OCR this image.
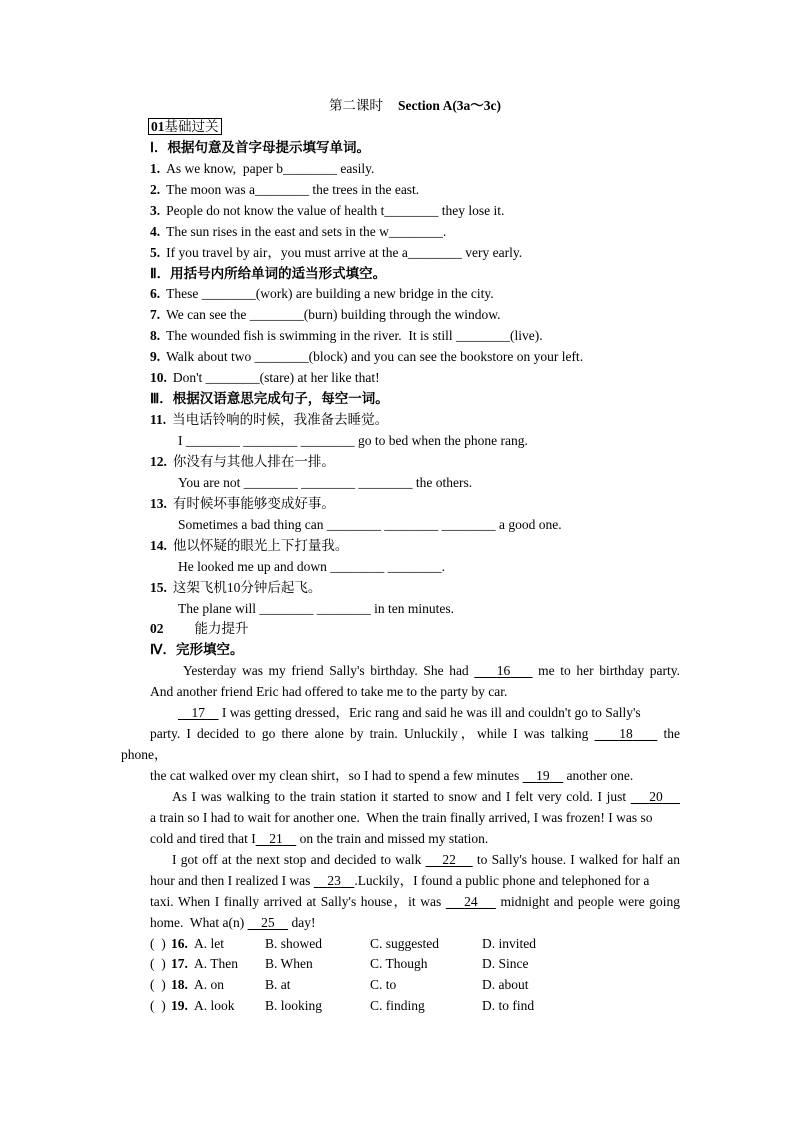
第二课时 Section A(3a～3c)
01基础过关
Ⅰ．根据句意及首字母提示填写单词。
1. As we know,  paper b________ easily.
2. The moon was a________ the trees in the east.
3. People do not know the value of health t________ they lose it.
4. The sun rises in the east and sets in the w________.
5. If you travel by air，you must arrive at the a________ very early.
Ⅱ．用括号内所给单词的适当形式填空。
6. These ________(work) are building a new bridge in the city.
7. We can see the ________(burn) building through the window.
8. The wounded fish is swimming in the river.  It is still ________(live).
9. Walk about two ________(block) and you can see the bookstore on your left.
10. Don't ________(stare) at her like that!
Ⅲ．根据汉语意思完成句子，每空一词。
11. 当电话铃响的时候，我准备去睡觉。
I ________ ________ ________ go to bed when the phone rang.
12. 你没有与其他人排在一排。
You are not ________ ________ ________ the others.
13. 有时候坏事能够变成好事。
Sometimes a bad thing can ________ ________ ________ a good one.
14. 他以怀疑的眼光上下打量我。
He looked me up and down ________ ________.
15. 这架飞机10分钟后起飞。
The plane will ________ ________ in ten minutes.
02 能力提升
Ⅳ．完形填空。
Yesterday was my friend Sally's birthday. She had 16 me to her birthday party.
And another friend Eric had offered to take me to the party by car.
17 I was getting dressed，Eric rang and said he was ill and couldn't go to Sally's
party. I decided to go there alone by train. Unluckily，while I was talking 18 the
phone，
the cat walked over my clean shirt，so I had to spend a few minutes 19 another one.
As I was walking to the train station it started to snow and I felt very cold. I just 20
a train so I had to wait for another one.  When the train finally arrived, I was frozen! I was so
cold and tired that I 21 on the train and missed my station.
I got off at the next stop and decided to walk 22 to Sally's house. I walked for half an
hour and then I realized I was 23 .Luckily，I found a public phone and telephoned for a
taxi. When I finally arrived at Sally's house，it was 24 midnight and people were going
home.  What a(n) 25 day!
(  ) 16. A. let	B. showed	C. suggested	D. invited
(  ) 17. A. Then B. When	C. Though	D. Since
(  ) 18. A. on	B. at	C. to	D. about
(  ) 19. A. look B. looking	C. finding	D. to find
